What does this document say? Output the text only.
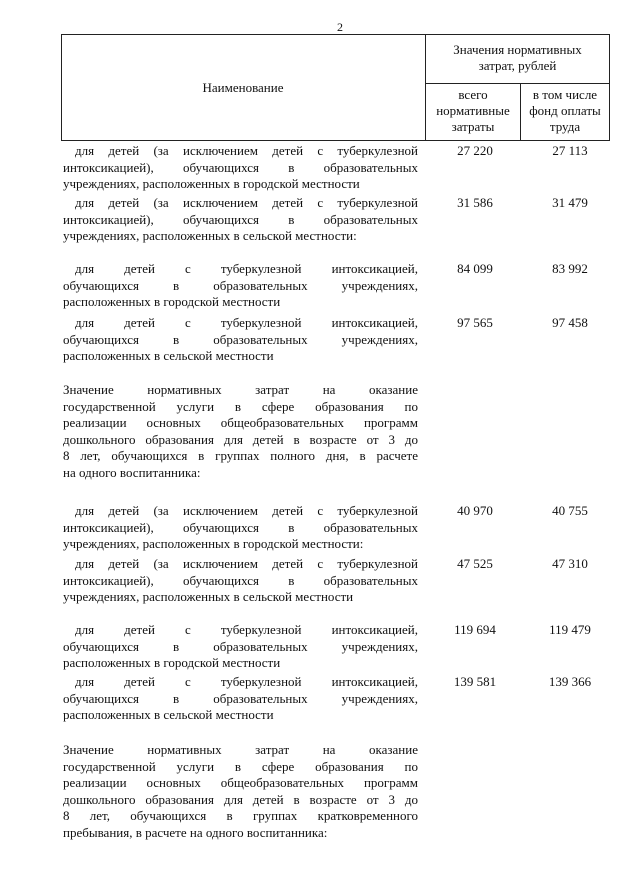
2
Наименование
Значения нормативных
затрат, рублей
всего
нормативные
затраты
в том числе
фонд оплаты
труда
для детей (за исключением детей с туберкулезной
интоксикацией), обучающихся в образовательных
учреждениях, расположенных в городской местности
27 220	27 113
для детей (за исключением детей с туберкулезной
интоксикацией), обучающихся в образовательных
учреждениях, расположенных в сельской местности:
31 586	31 479
для детей с туберкулезной интоксикацией,
обучающихся в образовательных учреждениях,
расположенных в городской местности
84 099	83 992
для детей с туберкулезной интоксикацией,
обучающихся в образовательных учреждениях,
расположенных в сельской местности
97 565	97 458
Значение нормативных затрат на оказание
государственной услуги в сфере образования по
реализации основных общеобразовательных программ
дошкольного образования для детей в возрасте от 3 до
8 лет, обучающихся в группах полного дня, в расчете
на одного воспитанника:
для детей (за исключением детей с туберкулезной
интоксикацией), обучающихся в образовательных
учреждениях, расположенных в городской местности:
40 970	40 755
для детей (за исключением детей с туберкулезной
интоксикацией), обучающихся в образовательных
учреждениях, расположенных в сельской местности
47 525	47 310
для детей с туберкулезной интоксикацией,
обучающихся в образовательных учреждениях,
расположенных в городской местности
119 694	119 479
для детей с туберкулезной интоксикацией,
обучающихся в образовательных учреждениях,
расположенных в сельской местности
139 581	139 366
Значение нормативных затрат на оказание
государственной услуги в сфере образования по
реализации основных общеобразовательных программ
дошкольного образования для детей в возрасте от 3 до
8 лет, обучающихся в группах кратковременного
пребывания, в расчете на одного воспитанника:
